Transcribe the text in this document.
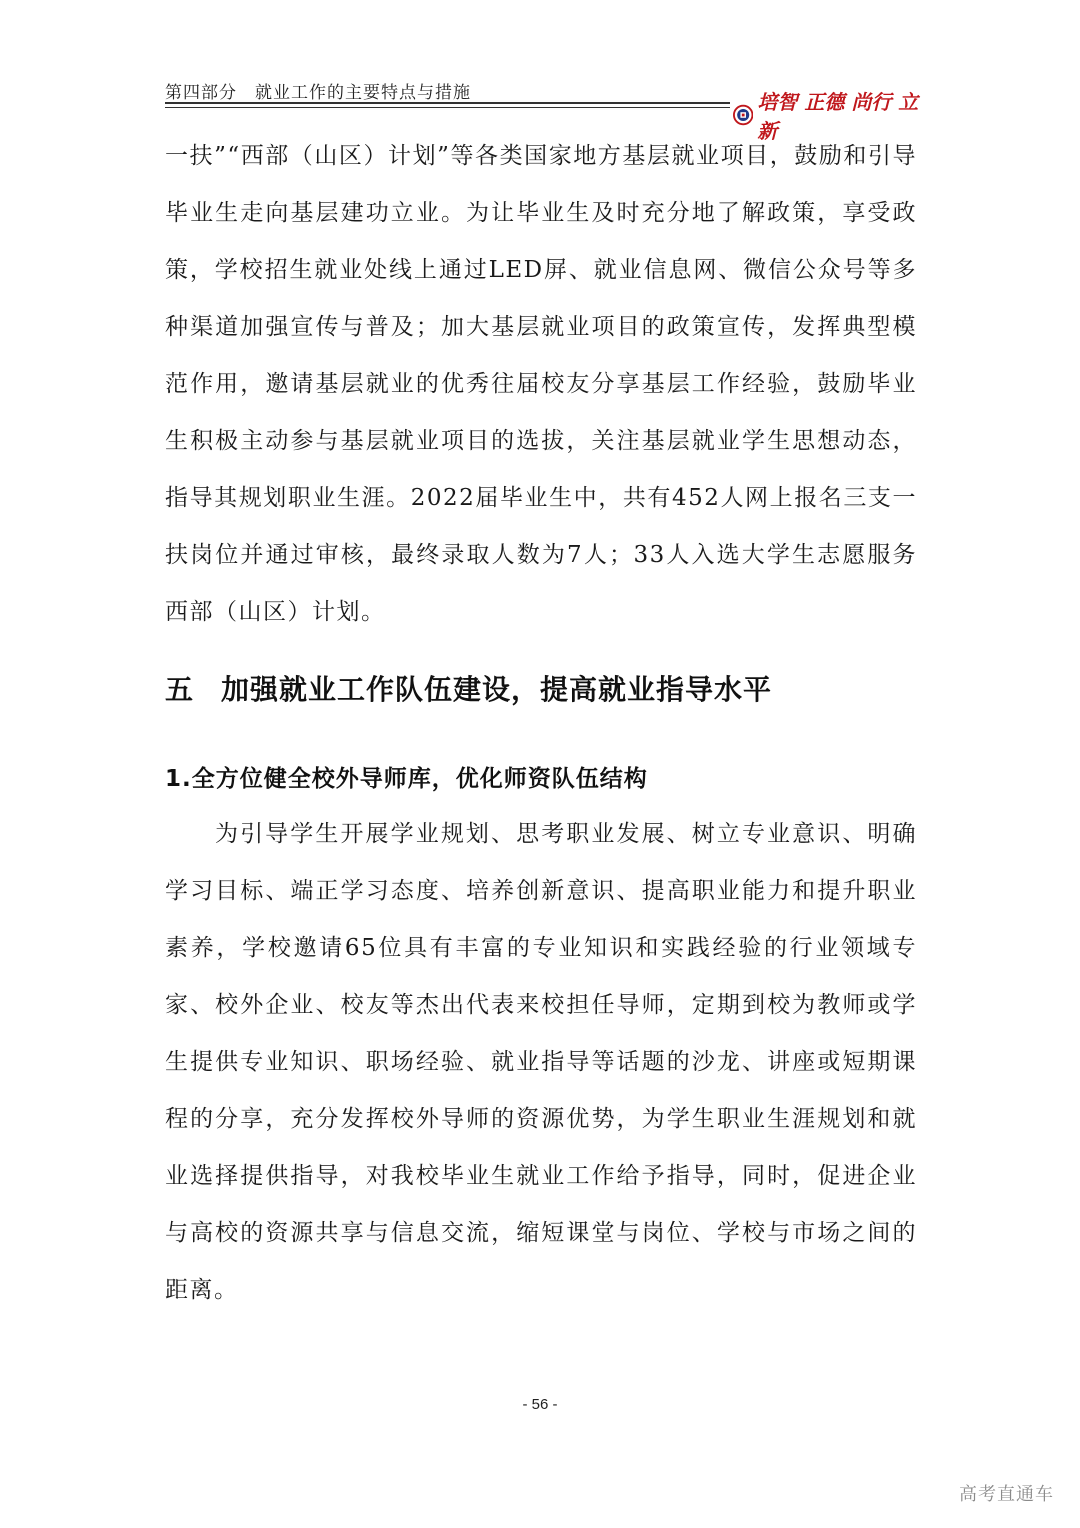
第四部分　就业工作的主要特点与措施	培智 正德 尚行 立新
一扶”“西部（山区）计划”等各类国家地方基层就业项目，鼓励和引导毕业生走向基层建功立业。为让毕业生及时充分地了解政策，享受政策，学校招生就业处线上通过LED屏、就业信息网、微信公众号等多种渠道加强宣传与普及；加大基层就业项目的政策宣传，发挥典型模范作用，邀请基层就业的优秀往届校友分享基层工作经验，鼓励毕业生积极主动参与基层就业项目的选拔，关注基层就业学生思想动态，指导其规划职业生涯。2022届毕业生中，共有452人网上报名三支一扶岗位并通过审核，最终录取人数为7人；33人入选大学生志愿服务西部（山区）计划。
五 加强就业工作队伍建设，提高就业指导水平
1.全方位健全校外导师库，优化师资队伍结构
为引导学生开展学业规划、思考职业发展、树立专业意识、明确学习目标、端正学习态度、培养创新意识、提高职业能力和提升职业素养，学校邀请65位具有丰富的专业知识和实践经验的行业领域专家、校外企业、校友等杰出代表来校担任导师，定期到校为教师或学生提供专业知识、职场经验、就业指导等话题的沙龙、讲座或短期课程的分享，充分发挥校外导师的资源优势，为学生职业生涯规划和就业选择提供指导，对我校毕业生就业工作给予指导，同时，促进企业与高校的资源共享与信息交流，缩短课堂与岗位、学校与市场之间的距离。
- 56 -
高考直通车
